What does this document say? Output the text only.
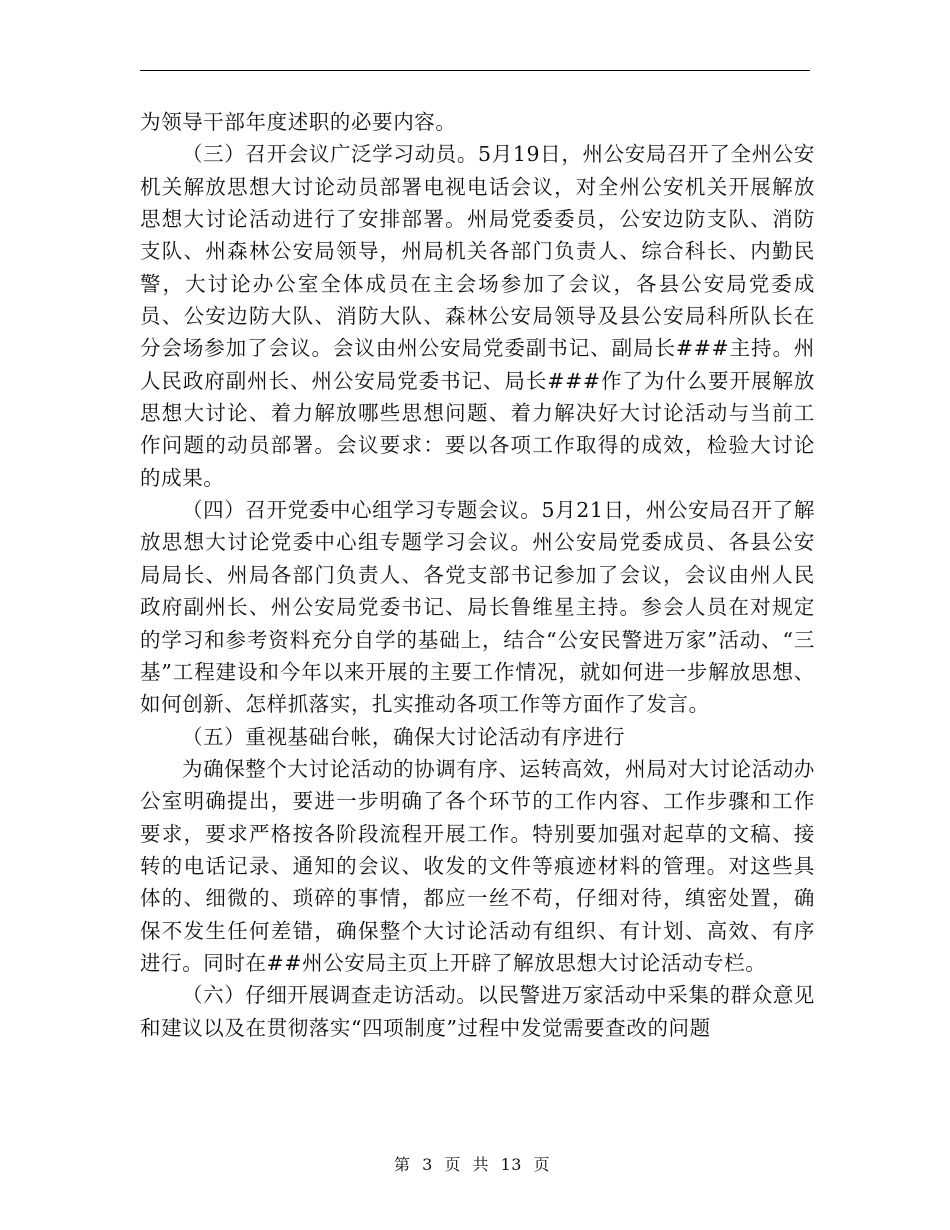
为领导干部年度述职的必要内容。

（三）召开会议广泛学习动员。5月19日，州公安局召开了全州公安机关解放思想大讨论动员部署电视电话会议，对全州公安机关开展解放思想大讨论活动进行了安排部署。州局党委委员，公安边防支队、消防支队、州森林公安局领导，州局机关各部门负责人、综合科长、内勤民警，大讨论办公室全体成员在主会场参加了会议，各县公安局党委成员、公安边防大队、消防大队、森林公安局领导及县公安局科所队长在分会场参加了会议。会议由州公安局党委副书记、副局长###主持。州人民政府副州长、州公安局党委书记、局长###作了为什么要开展解放思想大讨论、着力解放哪些思想问题、着力解决好大讨论活动与当前工作问题的动员部署。会议要求：要以各项工作取得的成效，检验大讨论的成果。

（四）召开党委中心组学习专题会议。5月21日，州公安局召开了解放思想大讨论党委中心组专题学习会议。州公安局党委成员、各县公安局局长、州局各部门负责人、各党支部书记参加了会议，会议由州人民政府副州长、州公安局党委书记、局长鲁维星主持。参会人员在对规定的学习和参考资料充分自学的基础上，结合“公安民警进万家”活动、“三基”工程建设和今年以来开展的主要工作情况，就如何进一步解放思想、如何创新、怎样抓落实，扎实推动各项工作等方面作了发言。

（五）重视基础台帐，确保大讨论活动有序进行

为确保整个大讨论活动的协调有序、运转高效，州局对大讨论活动办公室明确提出，要进一步明确了各个环节的工作内容、工作步骤和工作要求，要求严格按各阶段流程开展工作。特别要加强对起草的文稿、接转的电话记录、通知的会议、收发的文件等痕迹材料的管理。对这些具体的、细微的、琐碎的事情，都应一丝不苟，仔细对待，缜密处置，确保不发生任何差错，确保整个大讨论活动有组织、有计划、高效、有序进行。同时在##州公安局主页上开辟了解放思想大讨论活动专栏。

（六）仔细开展调查走访活动。以民警进万家活动中采集的群众意见和建议以及在贯彻落实“四项制度”过程中发觉需要查改的问题

第 3 页 共 13 页
